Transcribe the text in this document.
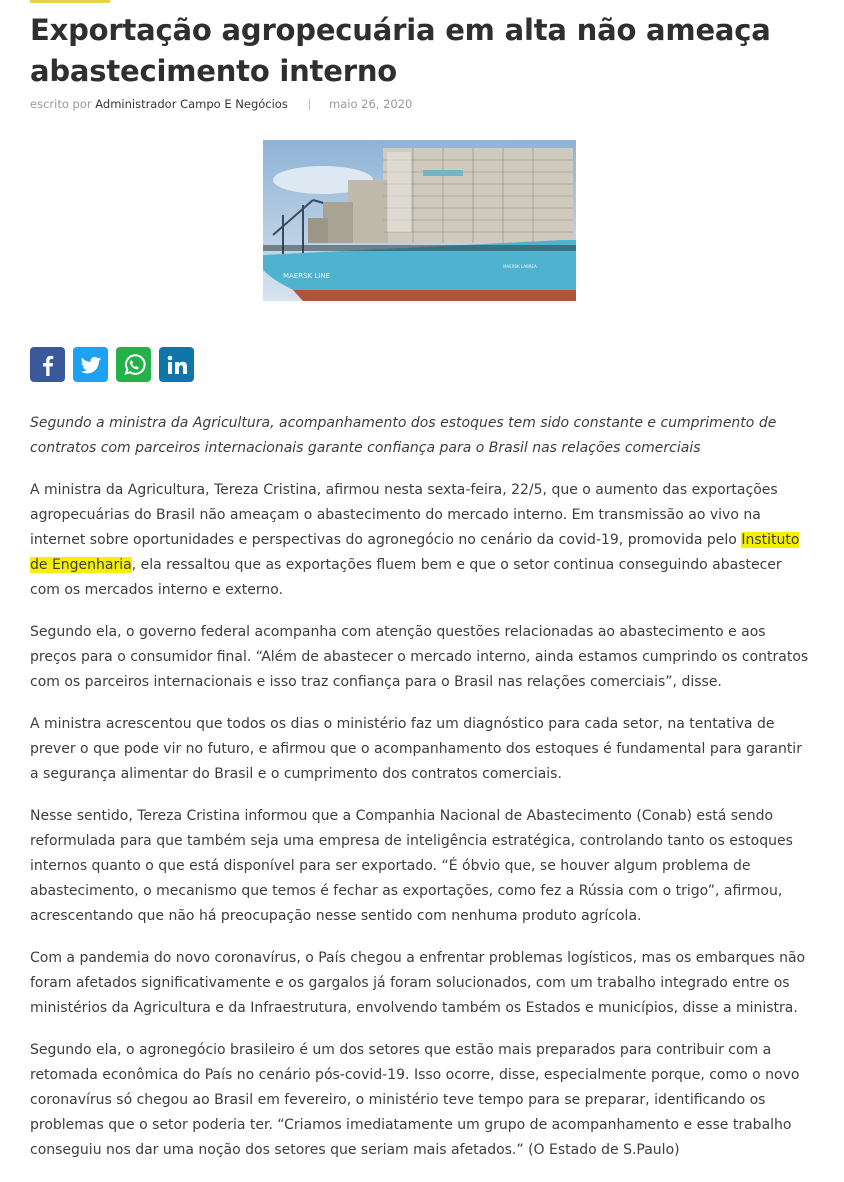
Exportação agropecuária em alta não ameaça abastecimento interno
escrito por Administrador Campo E Negócios | maio 26, 2020
MAERSK LINE
MAERSK LABREA

Segundo a ministra da Agricultura, acompanhamento dos estoques tem sido constante e cumprimento de contratos com parceiros internacionais garante confiança para o Brasil nas relações comerciais

A ministra da Agricultura, Tereza Cristina, afirmou nesta sexta-feira, 22/5, que o aumento das exportações agropecuárias do Brasil não ameaçam o abastecimento do mercado interno. Em transmissão ao vivo na internet sobre oportunidades e perspectivas do agronegócio no cenário da covid-19, promovida pelo Instituto de Engenharia, ela ressaltou que as exportações fluem bem e que o setor continua conseguindo abastecer com os mercados interno e externo.

Segundo ela, o governo federal acompanha com atenção questões relacionadas ao abastecimento e aos preços para o consumidor final. “Além de abastecer o mercado interno, ainda estamos cumprindo os contratos com os parceiros internacionais e isso traz confiança para o Brasil nas relações comerciais”, disse.

A ministra acrescentou que todos os dias o ministério faz um diagnóstico para cada setor, na tentativa de prever o que pode vir no futuro, e afirmou que o acompanhamento dos estoques é fundamental para garantir a segurança alimentar do Brasil e o cumprimento dos contratos comerciais.

Nesse sentido, Tereza Cristina informou que a Companhia Nacional de Abastecimento (Conab) está sendo reformulada para que também seja uma empresa de inteligência estratégica, controlando tanto os estoques internos quanto o que está disponível para ser exportado. “É óbvio que, se houver algum problema de abastecimento, o mecanismo que temos é fechar as exportações, como fez a Rússia com o trigo”, afirmou, acrescentando que não há preocupação nesse sentido com nenhuma produto agrícola.

Com a pandemia do novo coronavírus, o País chegou a enfrentar problemas logísticos, mas os embarques não foram afetados significativamente e os gargalos já foram solucionados, com um trabalho integrado entre os ministérios da Agricultura e da Infraestrutura, envolvendo também os Estados e municípios, disse a ministra.

Segundo ela, o agronegócio brasileiro é um dos setores que estão mais preparados para contribuir com a retomada econômica do País no cenário pós-covid-19. Isso ocorre, disse, especialmente porque, como o novo coronavírus só chegou ao Brasil em fevereiro, o ministério teve tempo para se preparar, identificando os problemas que o setor poderia ter. “Criamos imediatamente um grupo de acompanhamento e esse trabalho conseguiu nos dar uma noção dos setores que seriam mais afetados.” (O Estado de S.Paulo)
